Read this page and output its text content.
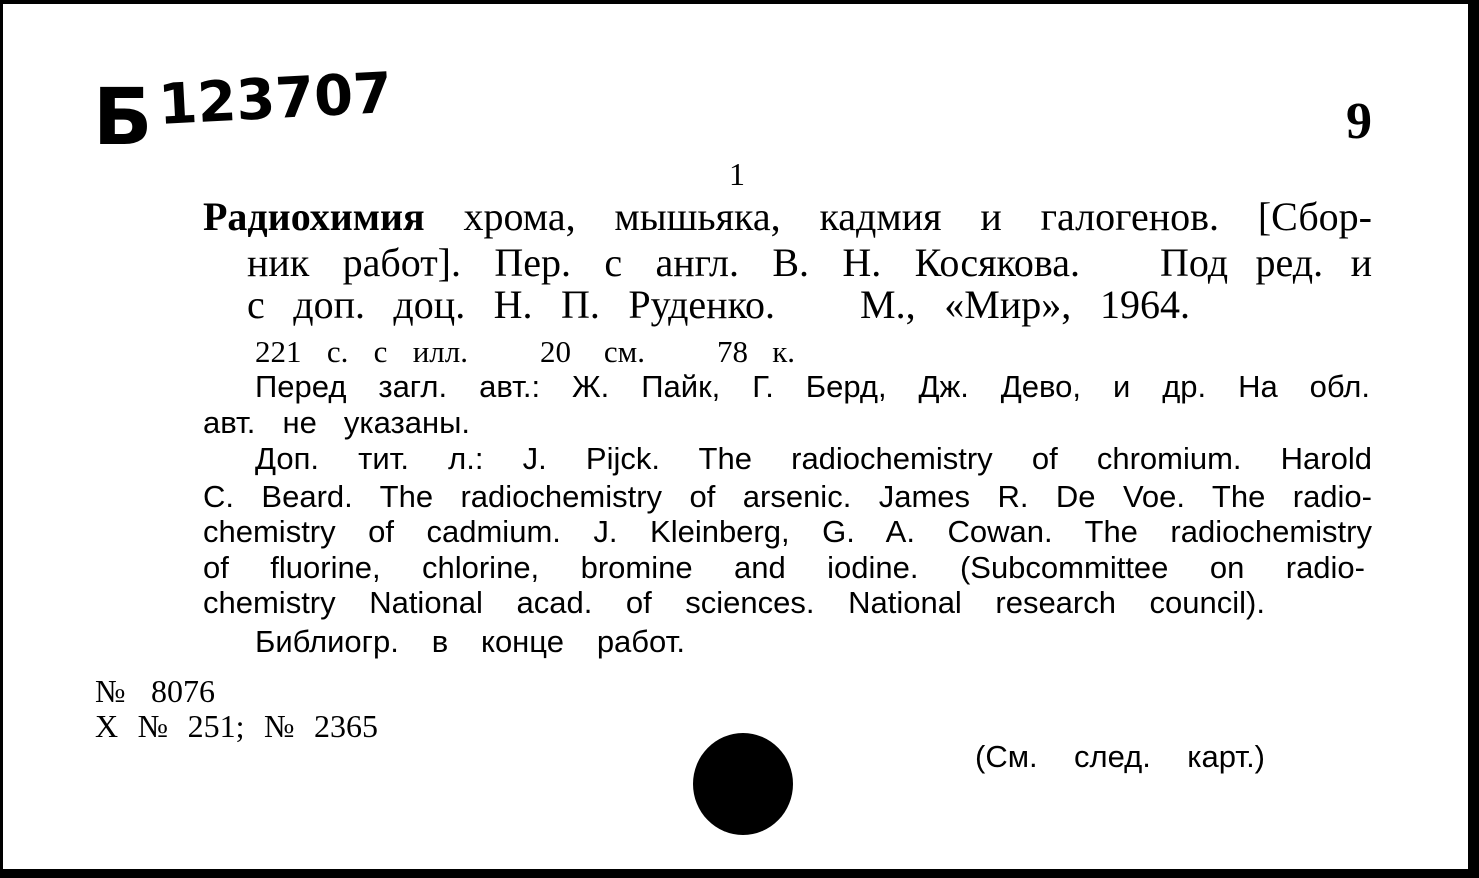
Б 123707	9
1
Радиохимия хрома, мышьяка, кадмия и галогенов. [Сбор-
ник работ]. Пер. с англ. В. Н. Косякова. Под ред. и
с доп. доц. Н. П. Руденко. М., «Мир», 1964.
221 с. с илл. 20 см. 78 к.
Перед загл. авт.: Ж. Пайк, Г. Берд, Дж. Дево, и др. На обл.
авт. не указаны.
Доп. тит. л.: J. Pijck. The radiochemistry of chromium. Harold
C. Beard. The radiochemistry of arsenic. James R. De Voe. The radio-
chemistry of cadmium. J. Kleinberg, G. A. Cowan. The radiochemistry
of fluorine, chlorine, bromine and iodine. (Subcommittee on radio-
chemistry National acad. of sciences. National research council).
Библиогр. в конце работ.
№ 8076
Х № 251; № 2365
(См. след. карт.)
